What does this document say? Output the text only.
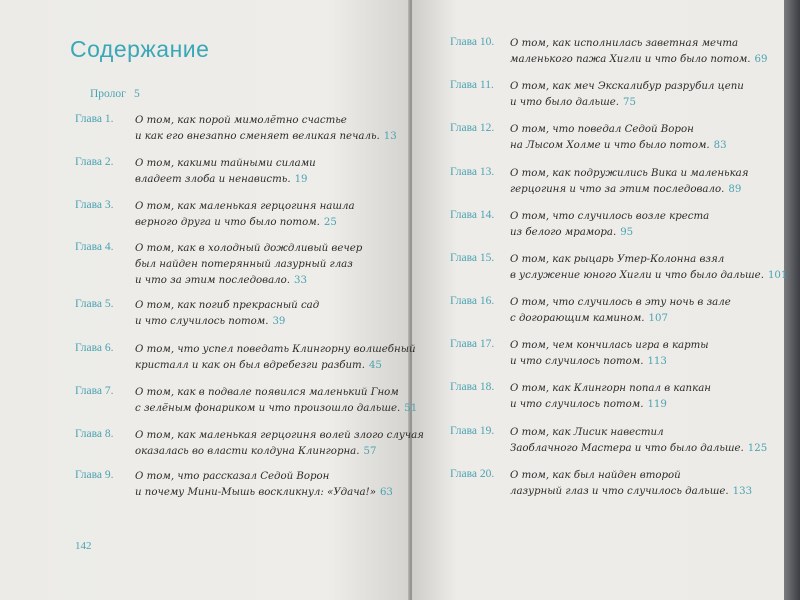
Содержание
Пролог 5
Глава 1. О том, как порой мимолётно счастье
и как его внезапно сменяет великая печаль. 13
Глава 2. О том, какими тайными силами
владеет злоба и ненависть. 19
Глава 3. О том, как маленькая герцогиня нашла
верного друга и что было потом. 25
Глава 4. О том, как в холодный дождливый вечер
был найден потерянный лазурный глаз
и что за этим последовало. 33
Глава 5. О том, как погиб прекрасный сад
и что случилось потом. 39
Глава 6. О том, что успел поведать Клингорну волшебный
кристалл и как он был вдребезги разбит. 45
Глава 7. О том, как в подвале появился маленький Гном
с зелёным фонариком и что произошло дальше. 51
Глава 8. О том, как маленькая герцогиня волей злого случая
оказалась во власти колдуна Клингорна. 57
Глава 9. О том, что рассказал Седой Ворон
и почему Мини-Мышь воскликнул: «Удача!» 63
Глава 10. О том, как исполнилась заветная мечта
маленького пажа Хигли и что было потом. 69
Глава 11. О том, как меч Экскалибур разрубил цепи
и что было дальше. 75
Глава 12. О том, что поведал Седой Ворон
на Лысом Холме и что было потом. 83
Глава 13. О том, как подружились Вика и маленькая
герцогиня и что за этим последовало. 89
Глава 14. О том, что случилось возле креста
из белого мрамора. 95
Глава 15. О том, как рыцарь Утер-Колонна взял
в услужение юного Хигли и что было дальше. 101
Глава 16. О том, что случилось в эту ночь в зале
с догорающим камином. 107
Глава 17. О том, чем кончилась игра в карты
и что случилось потом. 113
Глава 18. О том, как Клингорн попал в капкан
и что случилось потом. 119
Глава 19. О том, как Лисик навестил
Заоблачного Мастера и что было дальше. 125
Глава 20. О том, как был найден второй
лазурный глаз и что случилось дальше. 133
142
